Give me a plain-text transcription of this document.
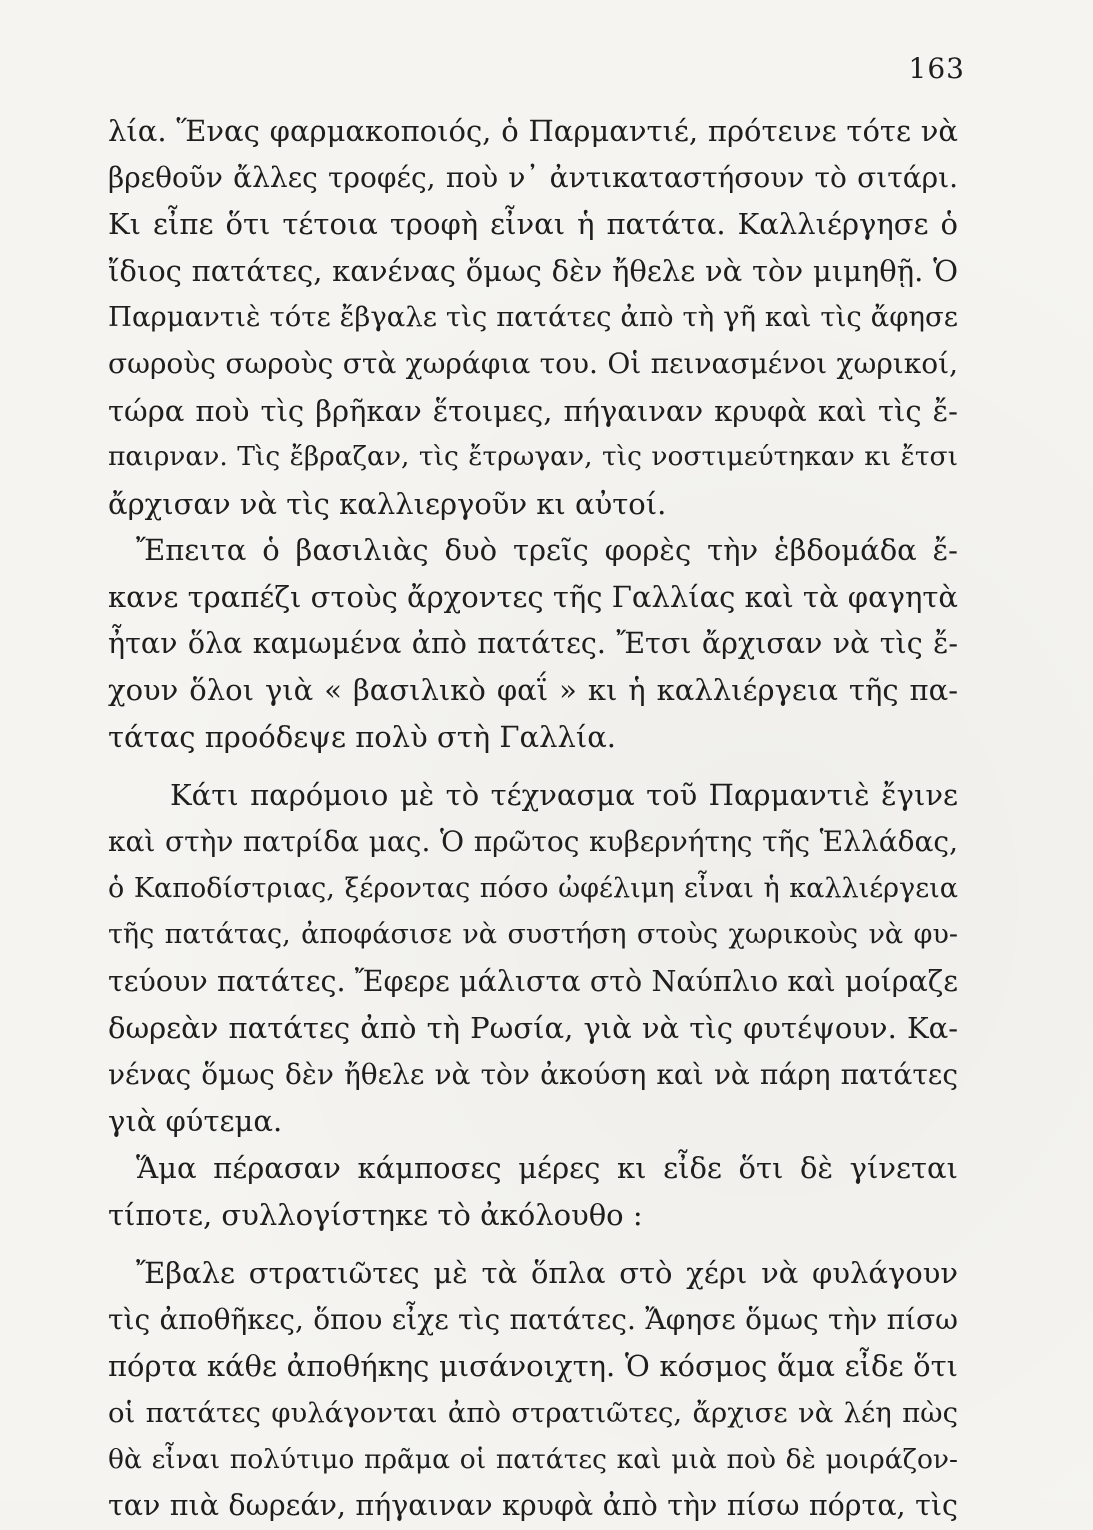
163
λία. Ἕνας φαρμακοποιός, ὁ Παρμαντιέ, πρότεινε τότε νὰ
βρεθοῦν ἄλλες τροφές, ποὺ ν᾽ ἀντικαταστήσουν τὸ σιτάρι.
Κι εἶπε ὅτι τέτοια τροφὴ εἶναι ἡ πατάτα. Καλλιέργησε ὁ
ἴδιος πατάτες, κανένας ὅμως δὲν ἤθελε νὰ τὸν μιμηθῇ. Ὁ
Παρμαντιὲ τότε ἔβγαλε τὶς πατάτες ἀπὸ τὴ γῆ καὶ τὶς ἄφησε
σωροὺς σωροὺς στὰ χωράφια του. Οἱ πεινασμένοι χωρικοί,
τώρα ποὺ τὶς βρῆκαν ἕτοιμες, πήγαιναν κρυφὰ καὶ τὶς ἔ-
παιρναν. Τὶς ἔβραζαν, τὶς ἔτρωγαν, τὶς νοστιμεύτηκαν κι ἔτσι
ἄρχισαν νὰ τὶς καλλιεργοῦν κι αὐτοί.
Ἔπειτα ὁ βασιλιὰς δυὸ τρεῖς φορὲς τὴν ἑβδομάδα ἔ-
κανε τραπέζι στοὺς ἄρχοντες τῆς Γαλλίας καὶ τὰ φαγητὰ
ἦταν ὅλα καμωμένα ἀπὸ πατάτες. Ἔτσι ἄρχισαν νὰ τὶς ἔ-
χουν ὅλοι γιὰ « βασιλικὸ φαΐ » κι ἡ καλλιέργεια τῆς πα-
τάτας προόδεψε πολὺ στὴ Γαλλία.
Κάτι παρόμοιο μὲ τὸ τέχνασμα τοῦ Παρμαντιὲ ἔγινε
καὶ στὴν πατρίδα μας. Ὁ πρῶτος κυβερνήτης τῆς Ἑλλάδας,
ὁ Καποδίστριας, ξέροντας πόσο ὠφέλιμη εἶναι ἡ καλλιέργεια
τῆς πατάτας, ἀποφάσισε νὰ συστήση στοὺς χωρικοὺς νὰ φυ-
τεύουν πατάτες. Ἔφερε μάλιστα στὸ Ναύπλιο καὶ μοίραζε
δωρεὰν πατάτες ἀπὸ τὴ Ρωσία, γιὰ νὰ τὶς φυτέψουν. Κα-
νένας ὅμως δὲν ἤθελε νὰ τὸν ἀκούση καὶ νὰ πάρη πατάτες
γιὰ φύτεμα.
Ἅμα πέρασαν κάμποσες μέρες κι εἶδε ὅτι δὲ γίνεται
τίποτε, συλλογίστηκε τὸ ἀκόλουθο :
Ἔβαλε στρατιῶτες μὲ τὰ ὅπλα στὸ χέρι νὰ φυλάγουν
τὶς ἀποθῆκες, ὅπου εἶχε τὶς πατάτες. Ἄφησε ὅμως τὴν πίσω
πόρτα κάθε ἀποθήκης μισάνοιχτη. Ὁ κόσμος ἅμα εἶδε ὅτι
οἱ πατάτες φυλάγονται ἀπὸ στρατιῶτες, ἄρχισε νὰ λέη πὼς
θὰ εἶναι πολύτιμο πρᾶμα οἱ πατάτες καὶ μιὰ ποὺ δὲ μοιράζον-
ταν πιὰ δωρεάν, πήγαιναν κρυφὰ ἀπὸ τὴν πίσω πόρτα, τὶς
